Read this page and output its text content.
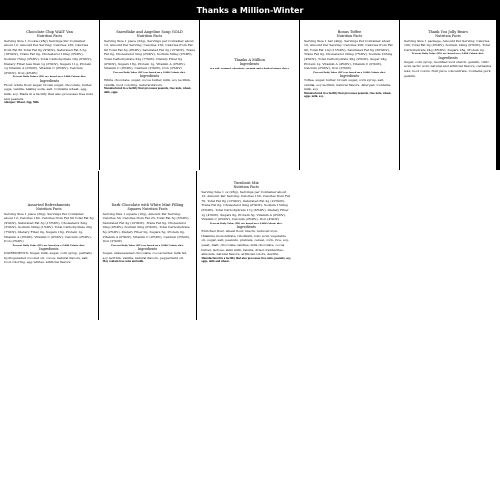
Thanks a Million-Winter
Chocolate Chip WAIT Van
Nutrition Facts
Serving Size 1 Cookie (28g) Servings Per Container about 12, Amount Per Serving: Calories 130, Calories from Fat 60 Total Fat 6g (9%DV), Saturated Fat 3.5g (18%DV), Trans Fat 0g, Cholesterol 10mg (3%DV), Sodium 75mg (3%DV), Total Carbohydrate 18g (6%DV), Dietary Fiber less than 1g (2%DV), Sugars 11g, Protein 1g Vitamin A (0%DV), Vitamin C (0%DV), Calcium (0%DV), Iron (4%DV)
Percent Daily Values (DV) are based on a 2,000 Calorie diet.
Ingredients
Flour, white flour, sugar, brown sugar, chocolate, butter, eggs, vanilla, baking soda, salt. Contains wheat, egg, milk, soy. Made in a facility that also processes tree nuts and peanuts.
Allergen: Wheat, Egg, Milk
Snowflake and Angeline Soup GOLD
Nutrition Facts
Serving Size 1 piece (32g), Servings per Container about 12, Amount Per Serving: Calories 150, Calories from Fat 60 Total Fat 6g (9%DV), Saturated Fat 3g (15%DV), Trans Fat 0g, Cholesterol 5mg (2%DV), Sodium 50mg (2%DV), Total Carbohydrate 22g (7%DV), Dietary Fiber 0g (0%DV), Sugars 18g, Protein 1g, Vitamin A (0%DV), Vitamin C (0%DV), Calcium (2%DV), Iron (2%DV)
Percent Daily Value (DV) are based on a 2,000 Calorie diet.
Ingredients
White chocolate, sugar, cocoa butter, milk, soy lecithin, vanilla, food coloring, natural flavors.
Manufactured in a facility that processes peanuts, tree nuts, wheat, milk, eggs.
Thanks A Million
Ingredients
sea salt, caramel, chocolate, coconut and a dash of winter cheer
Bonus Toffee
Nutrition Facts
Serving Size 1 bar (40g), Servings Per Container about 10, Amount Per Serving: Calories 200, Calories from Fat 90, Total Fat 10g (15%DV), Saturated Fat 6g (30%DV), Trans Fat 0g, Cholesterol 20mg (7%DV), Sodium 105mg (4%DV), Total Carbohydrate 26g (9%DV), Sugar 24g, Protein 1g, Vitamin A (4%DV), Vitamin C (0%DV), Calcium (2%DV), Iron (2%DV)
Percent Daily Value (DV) are based on a 2,000 Calorie diet.
Ingredients
Toffee, sugar, butter, brown sugar, corn syrup, salt, vanilla, soy lecithin, natural flavors. Allergen: Contains milk, soy.
Manufactured in a facility that processes peanuts, tree nuts, wheat, eggs, milk, soy.
Thank You Jolly Bears
Nutrition Facts
Serving Size 1 package, Amount Per Serving: Calories 100, Total Fat 0g (0%DV), Sodium 10mg (0%DV), Total Carbohydrate 24g (8%DV), Sugars 18g, Protein 2g
Percent Daily Value (DV) are based on a 2,000 Calorie diet.
Ingredients
Sugar, corn syrup, modified food starch, gelatin, citric acid, lactic acid, natural and artificial flavors, carnauba wax, food colors, fruit juice concentrate. Contains pork gelatin.
Assorted Refreshments
Nutrition Facts
Serving Size 1 piece (30g), Servings Per Container about 12, Calories 140, Calories from Fat 60 Total Fat 6g (9%DV), Saturated Fat 3g (15%DV), Cholesterol 5mg (2%DV), Sodium 30mg (1%DV), Total Carbohydrate 20g (7%DV), Dietary Fiber 0g, Sugars 16g, Protein 1g, Vitamin A (0%DV), Vitamin C (0%DV), Calcium (2%DV), Iron (2%DV)
Percent Daily Value (DV) are based on a 2,000 Calorie diet.
Ingredients
INGREDIENTS: Sugar, milk, sugar, corn syrup, partially hydrogenated coconut oil, cocoa, natural flavors, salt, food coloring, egg whites, artificial flavors.
Dark Chocolate with White Mint Filling
Squares Nutrition Facts
Serving Size 1 square (10g), Amount Per Serving: Calories 50, Calories from Fat 25, Total Fat 3g (5%DV), Saturated Fat 2g (10%DV), Trans Fat 0g, Cholesterol 0mg (0%DV), Sodium 0mg (0%DV), Total Carbohydrate 6g (2%DV), Dietary Fiber 0g, Sugars 5g, Protein 0g, Vitamin A (0%DV), Vitamin C (0%DV), Calcium (0%DV), Iron (2%DV)
Percent Daily Value (DV) are based on a 2,000 Calorie diet.
Ingredients
Sugar, unsweetened chocolate, cocoa butter, milk fat, soy lecithin, vanilla, natural flavors, peppermint oil.
May contain tree nuts and milk.
Turnbout Mix
Nutrition Facts
Serving Size 1 oz (28g), Servings per Container about 12, Amount Per Serving: Calories 150, Calories from Fat 70, Total Fat 8g (12%DV), Saturated Fat 2g (10%DV), Trans Fat 0g, Cholesterol 0mg (0%DV), Sodium 150mg (6%DV), Total Carbohydrate 17g (6%DV), Dietary Fiber 1g (4%DV), Sugars 6g, Protein 3g, Vitamin A (0%DV), Vitamin C (0%DV), Calcium (2%DV), Iron (4%DV)
Percent Daily Value (DV) are based on a 2,000 Calorie diet.
Ingredients
Enriched flour, wheat flour, niacin, reduced iron, thiamine mononitrate, riboflavin, folic acid, vegetable oil, sugar, salt, peanuts, pretzels, cereal, corn, rice, soy, yeast, malt, chocolate candies, milk chocolate, cocoa butter, lactose, skim milk, raisins, dried cranberries, almonds, natural flavors, artificial colors, dextrin.
Manufactured in a facility that also processes tree nuts, peanuts, soy, eggs, milk and wheat.
